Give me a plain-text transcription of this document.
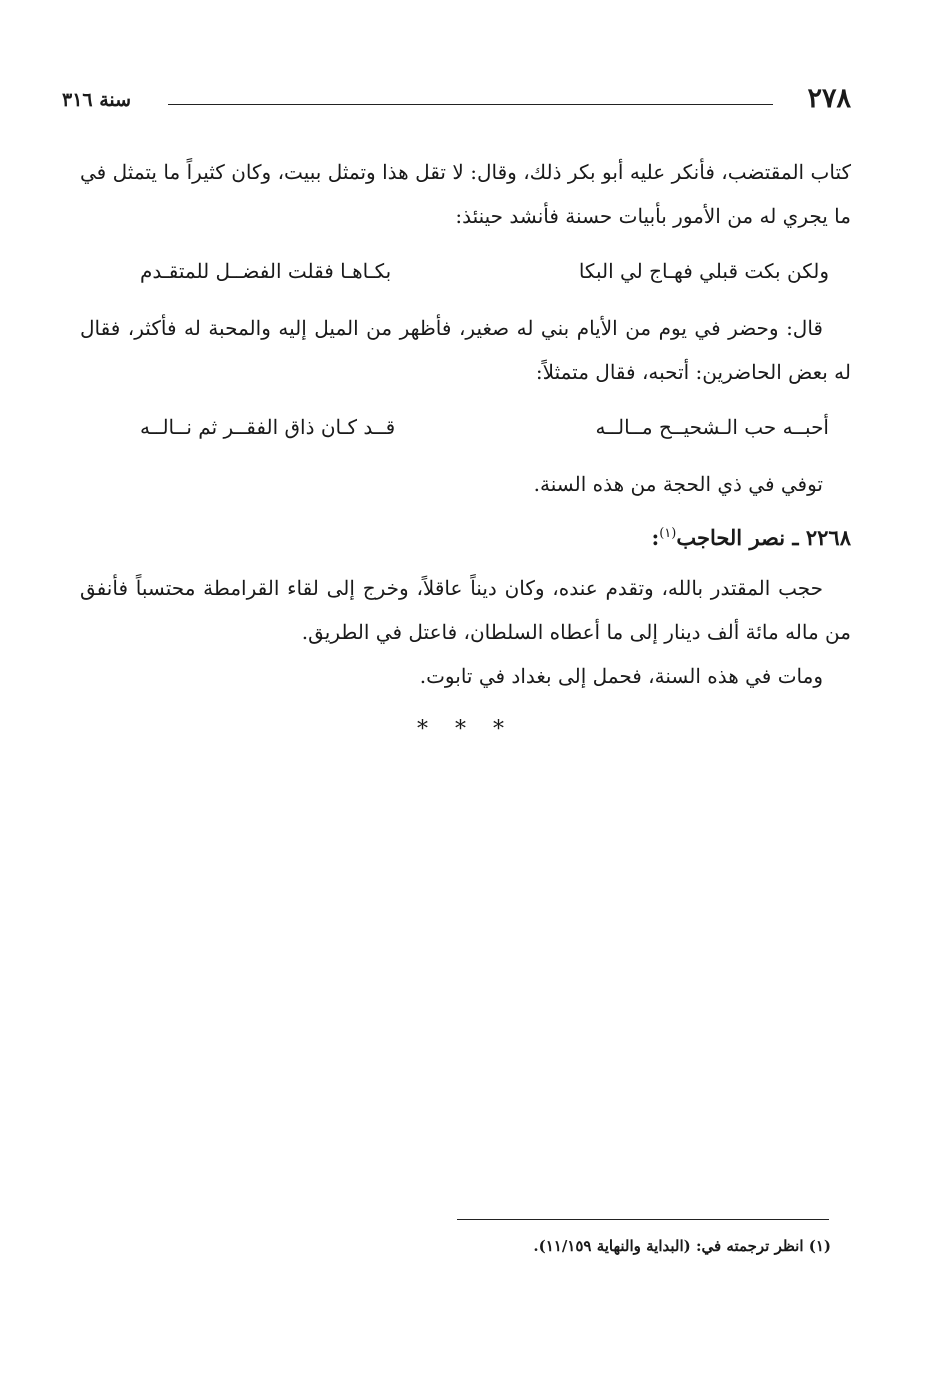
٢٧٨
سنة ٣١٦

كتاب المقتضب، فأنكر عليه أبو بكر ذلك، وقال: لا تقل هذا وتمثل ببيت، وكان كثيراً ما يتمثل في ما يجري له من الأمور بأبيات حسنة فأنشد حينئذ:

ولكن بكت قبلي فهـاج لي البكا
بكـاهـا فقلت الفضــل للمتقـدم

قال: وحضر في يوم من الأيام بني له صغير، فأظهر من الميل إليه والمحبة له فأكثر، فقال له بعض الحاضرين: أتحبه، فقال متمثلاً:

أحبــه حب الـشحيــح مــالــه
قــد كـان ذاق الفقــر ثم نــالــه

توفي في ذي الحجة من هذه السنة.

٢٢٦٨ ـ نصر الحاجب$^{(١)}$:

حجب المقتدر بالله، وتقدم عنده، وكان ديناً عاقلاً، وخرج إلى لقاء القرامطة محتسباً فأنفق من ماله مائة ألف دينار إلى ما أعطاه السلطان، فاعتل في الطريق.

ومات في هذه السنة، فحمل إلى بغداد في تابوت.

* * *
(١) انظر ترجمته في: (البداية والنهاية ١١/١٥٩).
